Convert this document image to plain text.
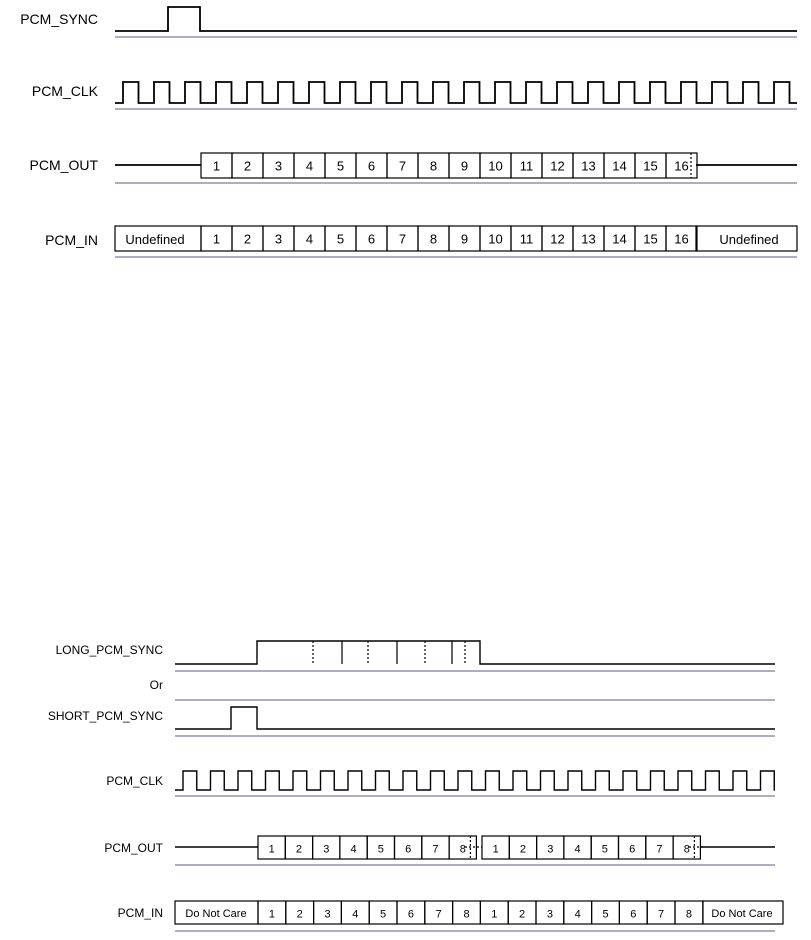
PCM_SYNC
PCM_CLK
PCM_OUT
PCM_IN
1 2 3 4 5 6 7 8 9 10 11 12 13 14 15 16
Undefined 1 2 3 4 5 6 7 8 9 10 11 12 13 14 15 16 Undefined
LONG_PCM_SYNC
Or
SHORT_PCM_SYNC
PCM_CLK
PCM_OUT
PCM_IN
1 2 3 4 5 6 7 8 1 2 3 4 5 6 7 8
Do Not Care 1 2 3 4 5 6 7 8 1 2 3 4 5 6 7 8 Do Not Care
